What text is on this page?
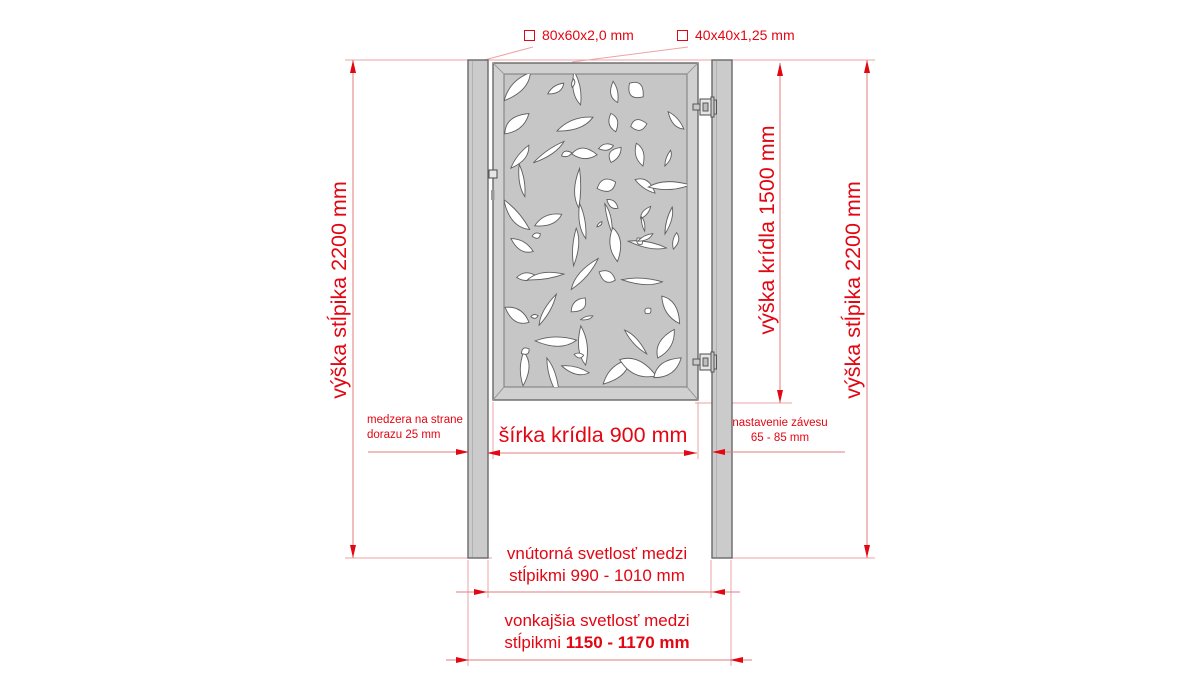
80x60x2,0 mm	40x40x1,25 mm
výška stĺpika 2200 mm	výška krídla 1500 mm	výška stĺpika 2200 mm
medzera na strane
dorazu 25 mm	šírka krídla 900 mm	nastavenie závesu
65 - 85 mm
vnútorná svetlosť medzi
stĺpikmi 990 - 1010 mm
vonkajšia svetlosť medzi
stĺpikmi 1150 - 1170 mm
